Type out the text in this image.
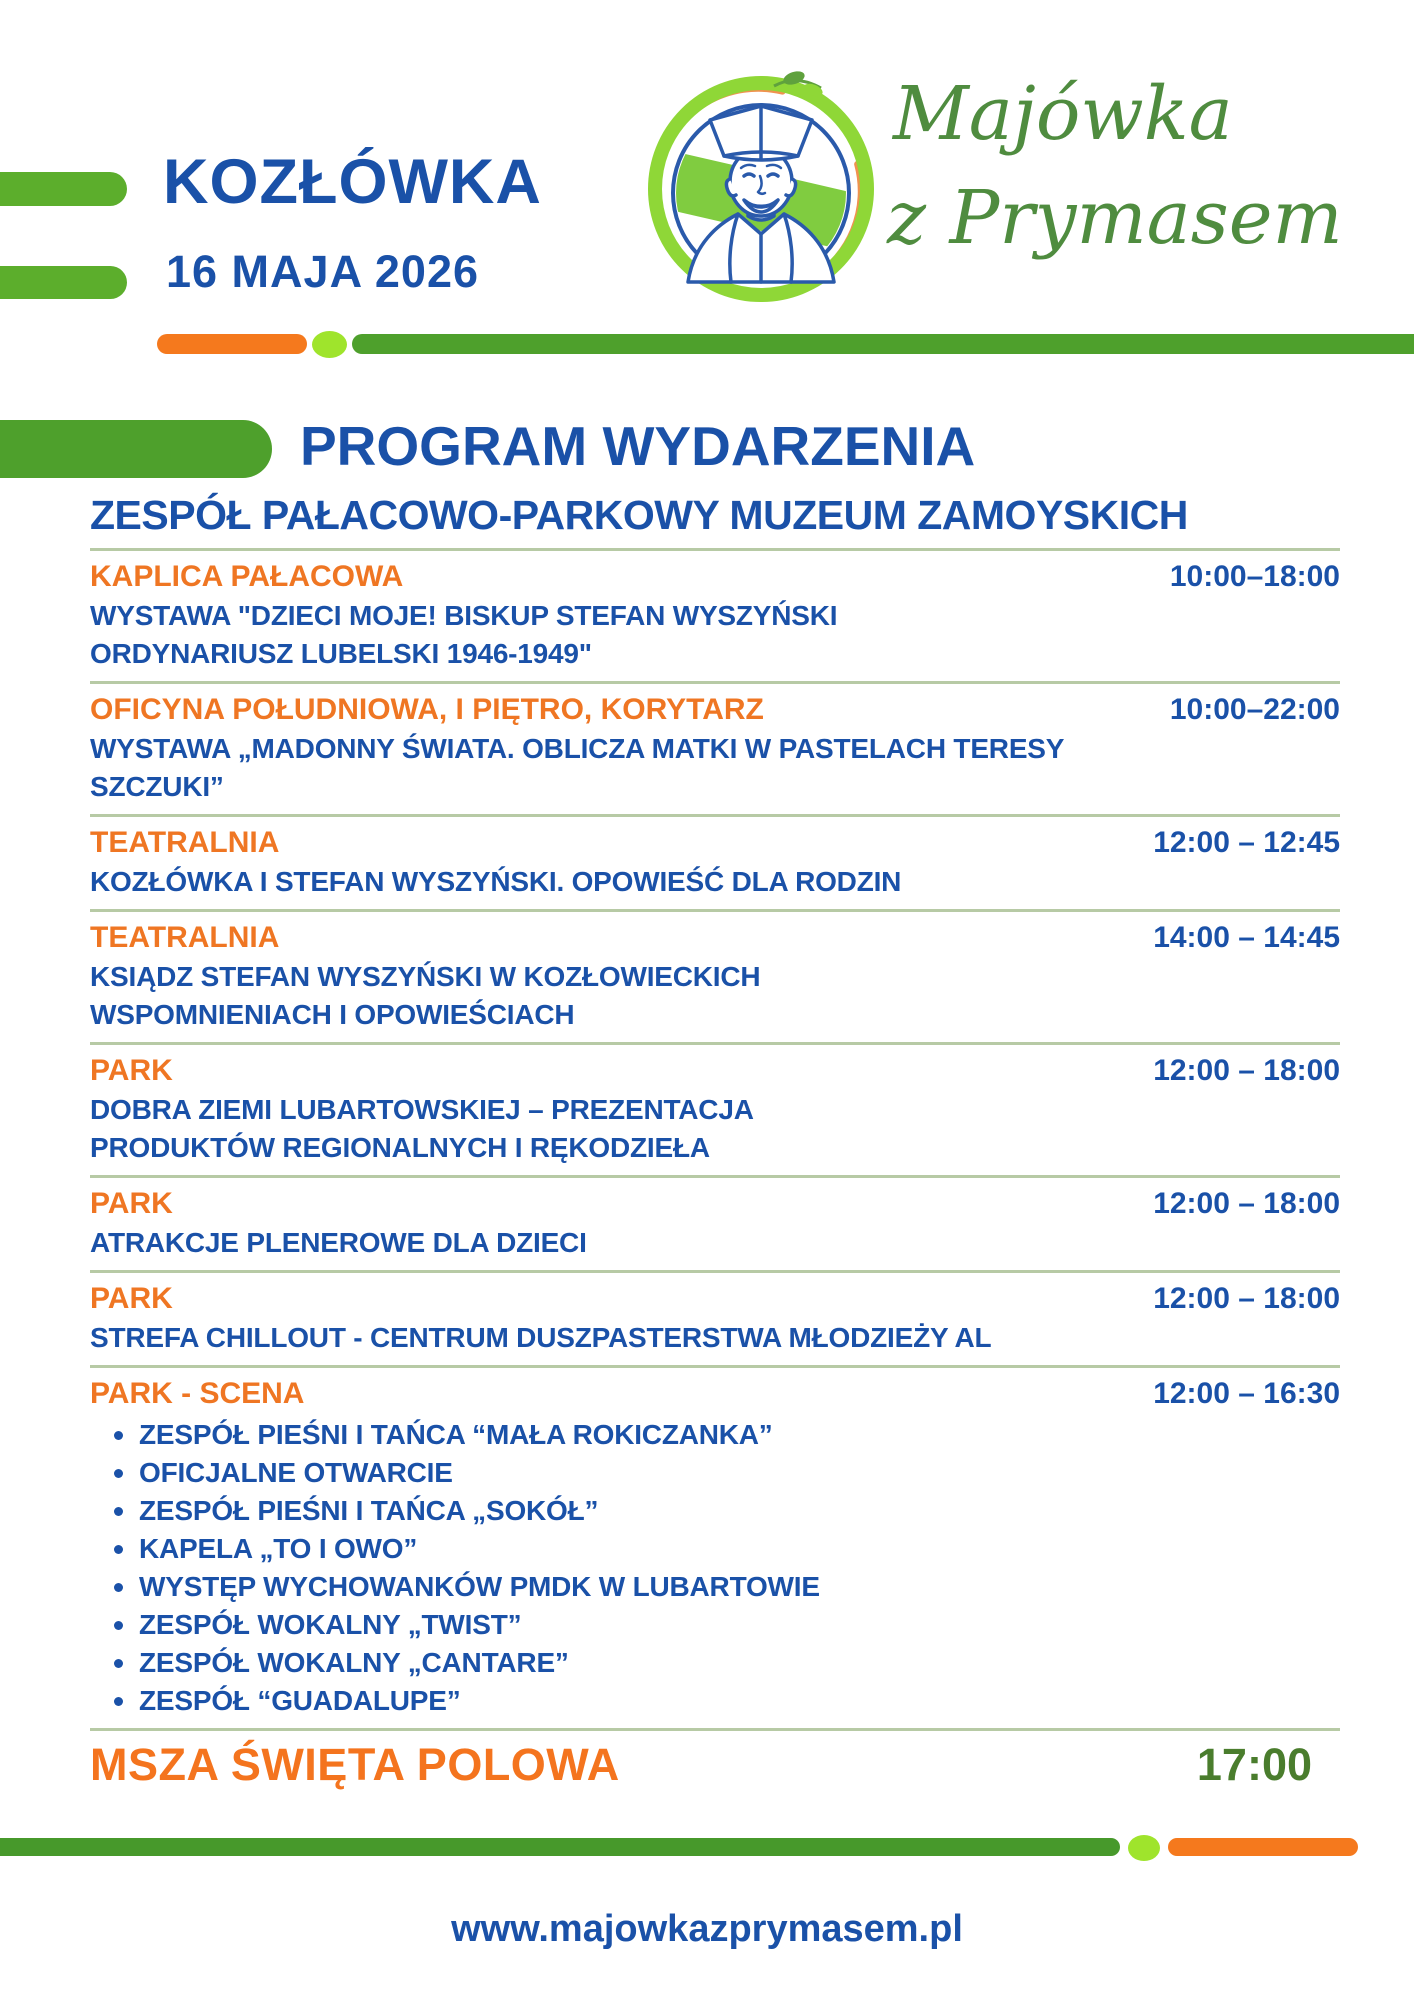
KOZŁÓWKA
16 MAJA 2026
Majówka
z Prymasem
PROGRAM WYDARZENIA
ZESPÓŁ PAŁACOWO-PARKOWY MUZEUM ZAMOYSKICH
KAPLICA PAŁACOWA	10:00–18:00
WYSTAWA "DZIECI MOJE! BISKUP STEFAN WYSZYŃSKI
ORDYNARIUSZ LUBELSKI 1946-1949"
OFICYNA POŁUDNIOWA, I PIĘTRO, KORYTARZ	10:00–22:00
WYSTAWA „MADONNY ŚWIATA. OBLICZA MATKI W PASTELACH TERESY
SZCZUKI”
TEATRALNIA	12:00 – 12:45
KOZŁÓWKA I STEFAN WYSZYŃSKI. OPOWIEŚĆ DLA RODZIN
TEATRALNIA	14:00 – 14:45
KSIĄDZ STEFAN WYSZYŃSKI W KOZŁOWIECKICH
WSPOMNIENIACH I OPOWIEŚCIACH
PARK	12:00 – 18:00
DOBRA ZIEMI LUBARTOWSKIEJ – PREZENTACJA
PRODUKTÓW REGIONALNYCH I RĘKODZIEŁA
PARK	12:00 – 18:00
ATRAKCJE PLENEROWE DLA DZIECI
PARK	12:00 – 18:00
STREFA CHILLOUT - CENTRUM DUSZPASTERSTWA MŁODZIEŻY AL
PARK - SCENA	12:00 – 16:30
ZESPÓŁ PIEŚNI I TAŃCA “MAŁA ROKICZANKA”
OFICJALNE OTWARCIE
ZESPÓŁ PIEŚNI I TAŃCA „SOKÓŁ”
KAPELA „TO I OWO”
WYSTĘP WYCHOWANKÓW PMDK W LUBARTOWIE
ZESPÓŁ WOKALNY „TWIST”
ZESPÓŁ WOKALNY „CANTARE”
ZESPÓŁ “GUADALUPE”
MSZA ŚWIĘTA POLOWA	17:00
www.majowkazprymasem.pl
